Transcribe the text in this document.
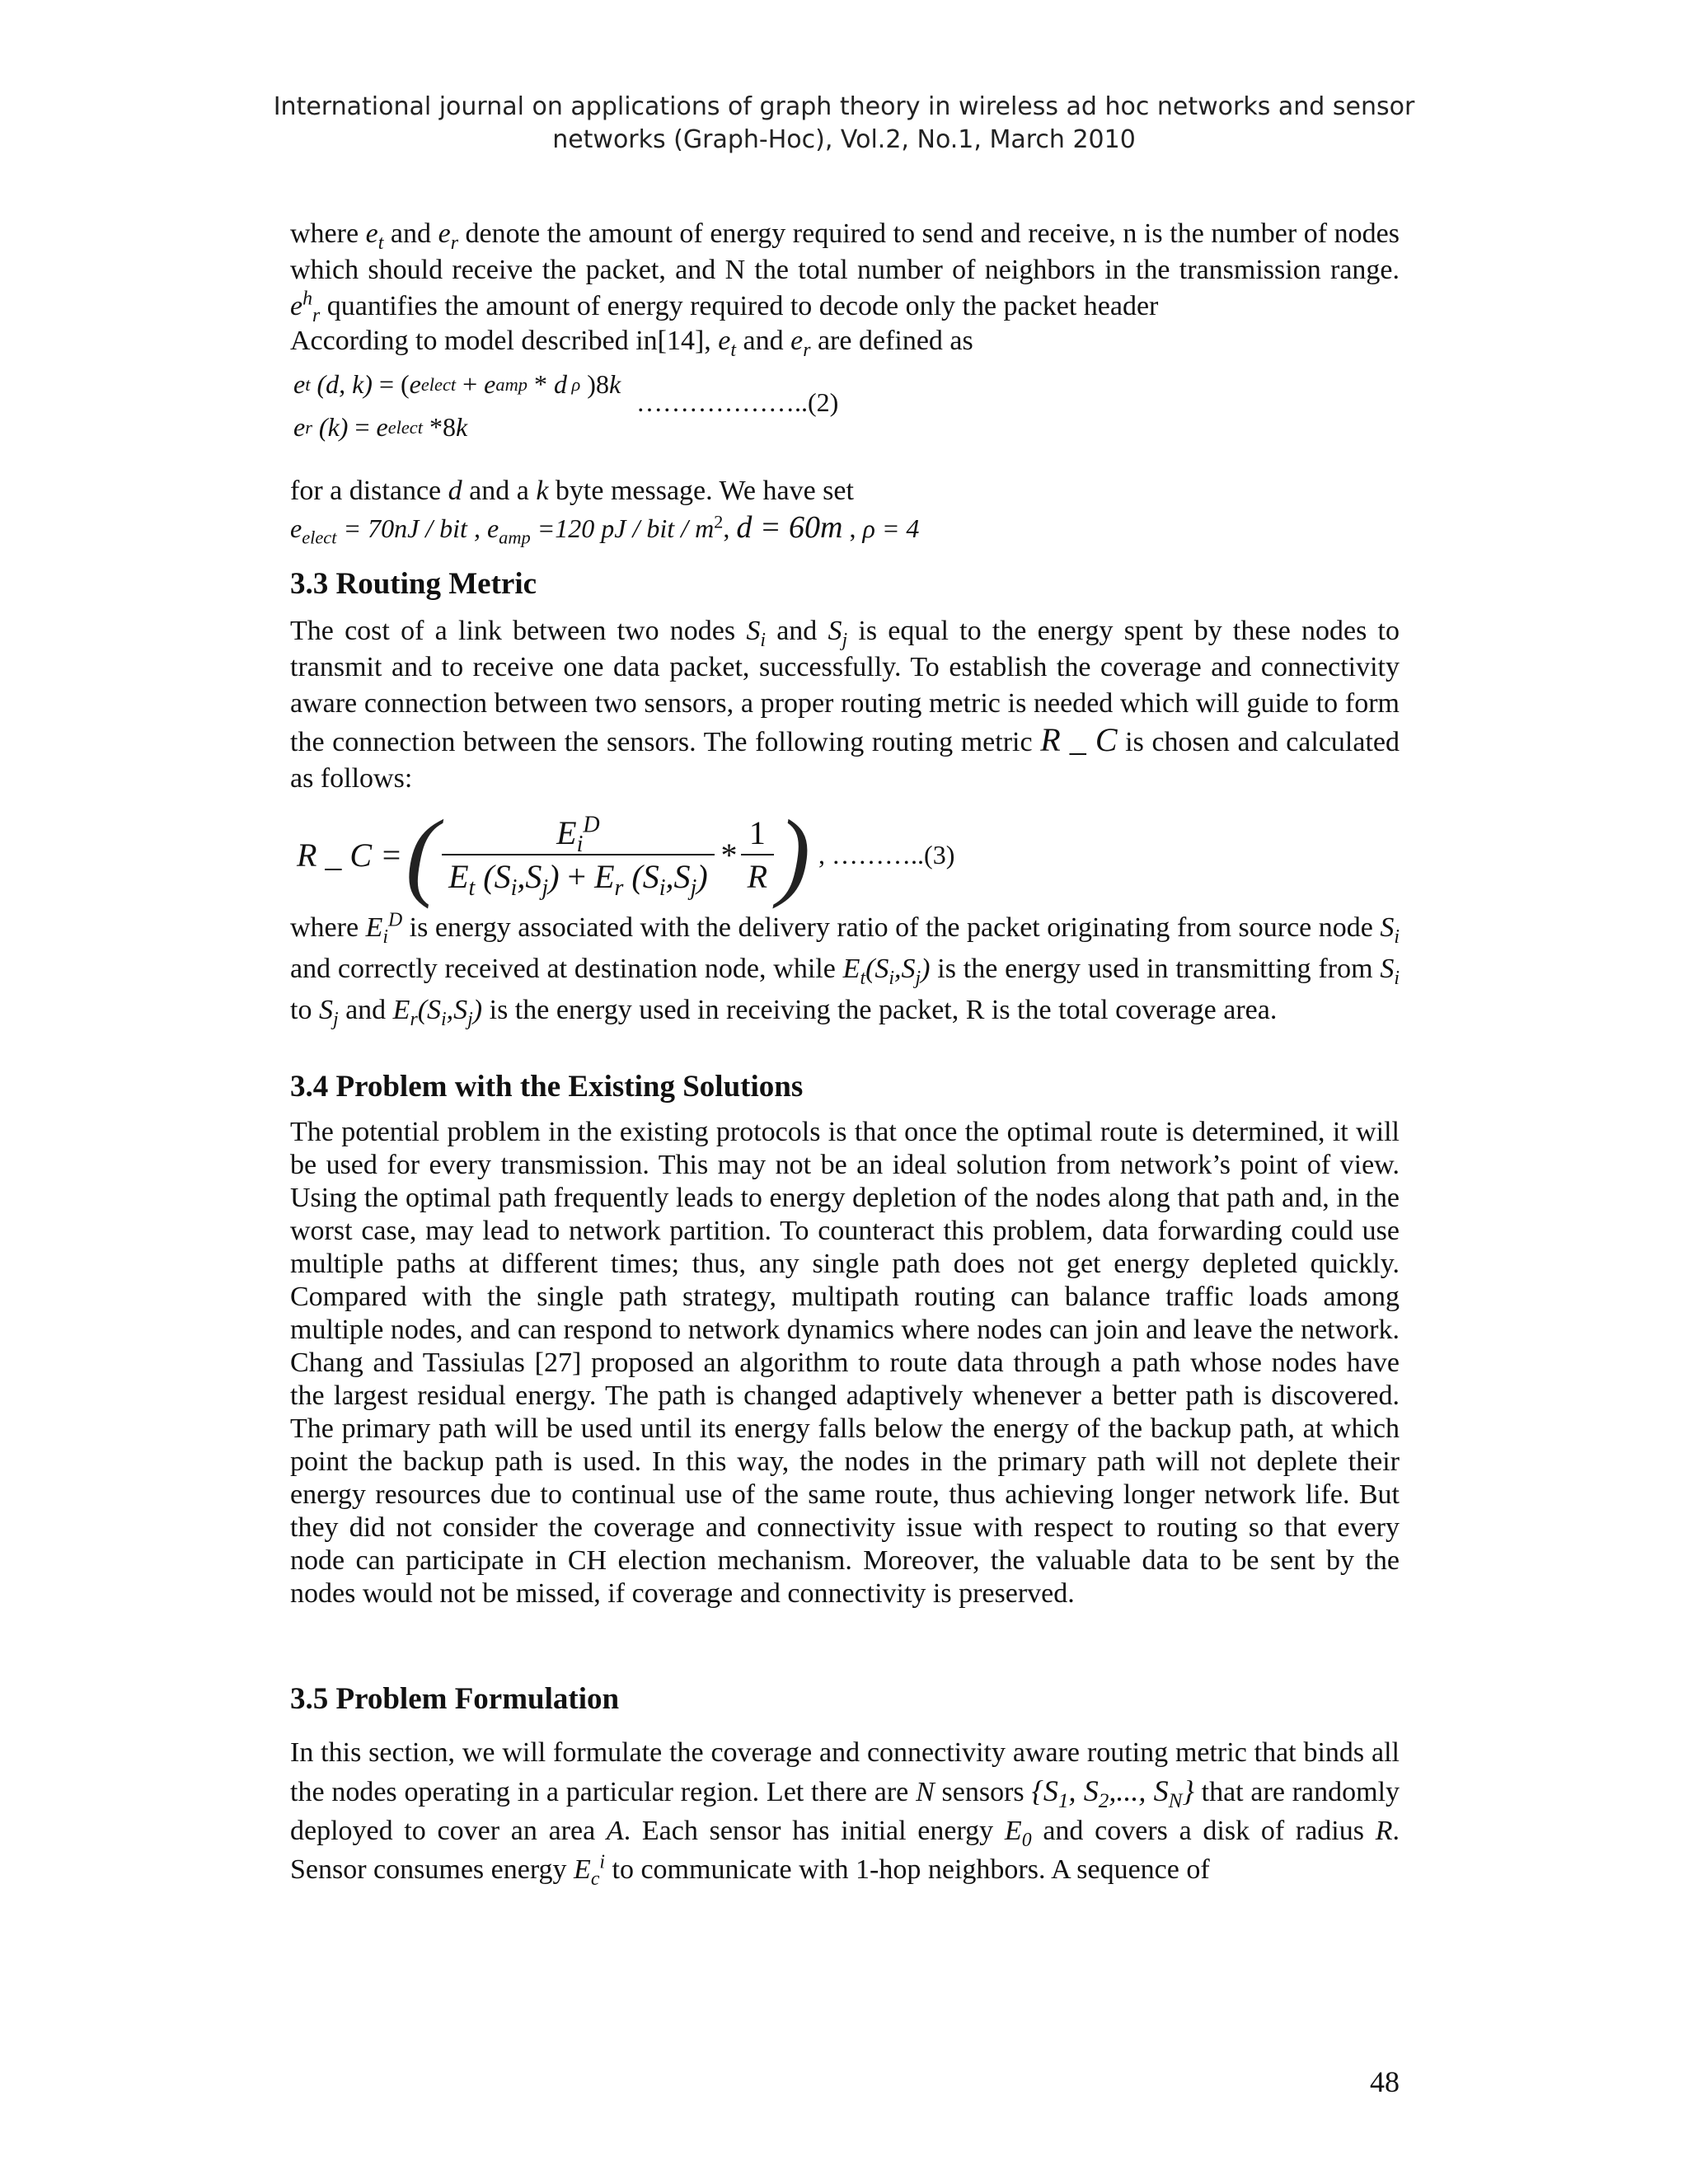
International journal on applications of graph theory in wireless ad hoc networks and sensor
networks (Graph-Hoc), Vol.2, No.1, March 2010

where $e_t$ and $e_r$ denote the amount of energy required to send and receive, n is the number of nodes which should receive the packet, and N the total number of neighbors in the transmission range. $e^h_r$ quantifies the amount of energy required to decode only the packet header

According to model described in[14], $e_t$ and $e_r$ are defined as

e t (d, k) = ( e elect + e amp * d ρ )8 k
………………..(2)
e r (k) = e elect *8 k

for a distance d and a k byte message. We have set

$e_{elect} = 70nJ$ / bit , $e_{amp} =120$ pJ / bit / $m^2$, d = 60m , ρ = 4
3.3 Routing Metric

The cost of a link between two nodes $S_i$ and $S_j$ is equal to the energy spent by these nodes to transmit and to receive one data packet, successfully. To establish the coverage and connectivity aware connection between two sensors, a proper routing metric is needed which will guide to form the connection between the sensors. The following routing metric R _ C is chosen and calculated as follows:

R _ C = ( $\frac{E_i^D}{E_t (S_i,S_j) + E_r (S_i,S_j)} * \frac{1}{R}$ ) , ………..(3)

where $E_i^D$ is energy associated with the delivery ratio of the packet originating from source node $S_i$ and correctly received at destination node, while $E_t(S_i,S_j)$ is the energy used in transmitting from $S_i$ to $S_j$ and $E_r(S_i,S_j)$ is the energy used in receiving the packet, R is the total coverage area.

3.4 Problem with the Existing Solutions

The potential problem in the existing protocols is that once the optimal route is determined, it will be used for every transmission. This may not be an ideal solution from network’s point of view. Using the optimal path frequently leads to energy depletion of the nodes along that path and, in the worst case, may lead to network partition. To counteract this problem, data forwarding could use multiple paths at different times; thus, any single path does not get energy depleted quickly. Compared with the single path strategy, multipath routing can balance traffic loads among multiple nodes, and can respond to network dynamics where nodes can join and leave the network. Chang and Tassiulas [27] proposed an algorithm to route data through a path whose nodes have the largest residual energy. The path is changed adaptively whenever a better path is discovered. The primary path will be used until its energy falls below the energy of the backup path, at which point the backup path is used. In this way, the nodes in the primary path will not deplete their energy resources due to continual use of the same route, thus achieving longer network life. But they did not consider the coverage and connectivity issue with respect to routing so that every node can participate in CH election mechanism. Moreover, the valuable data to be sent by the nodes would not be missed, if coverage and connectivity is preserved.

3.5 Problem Formulation

In this section, we will formulate the coverage and connectivity aware routing metric that binds all the nodes operating in a particular region. Let there are N sensors {$S_1$, $S_2$,..., $S_N$} that are randomly deployed to cover an area A. Each sensor has initial energy $E_0$ and covers a disk of radius R. Sensor consumes energy $E_c^i$ to communicate with 1-hop neighbors. A sequence of

48
